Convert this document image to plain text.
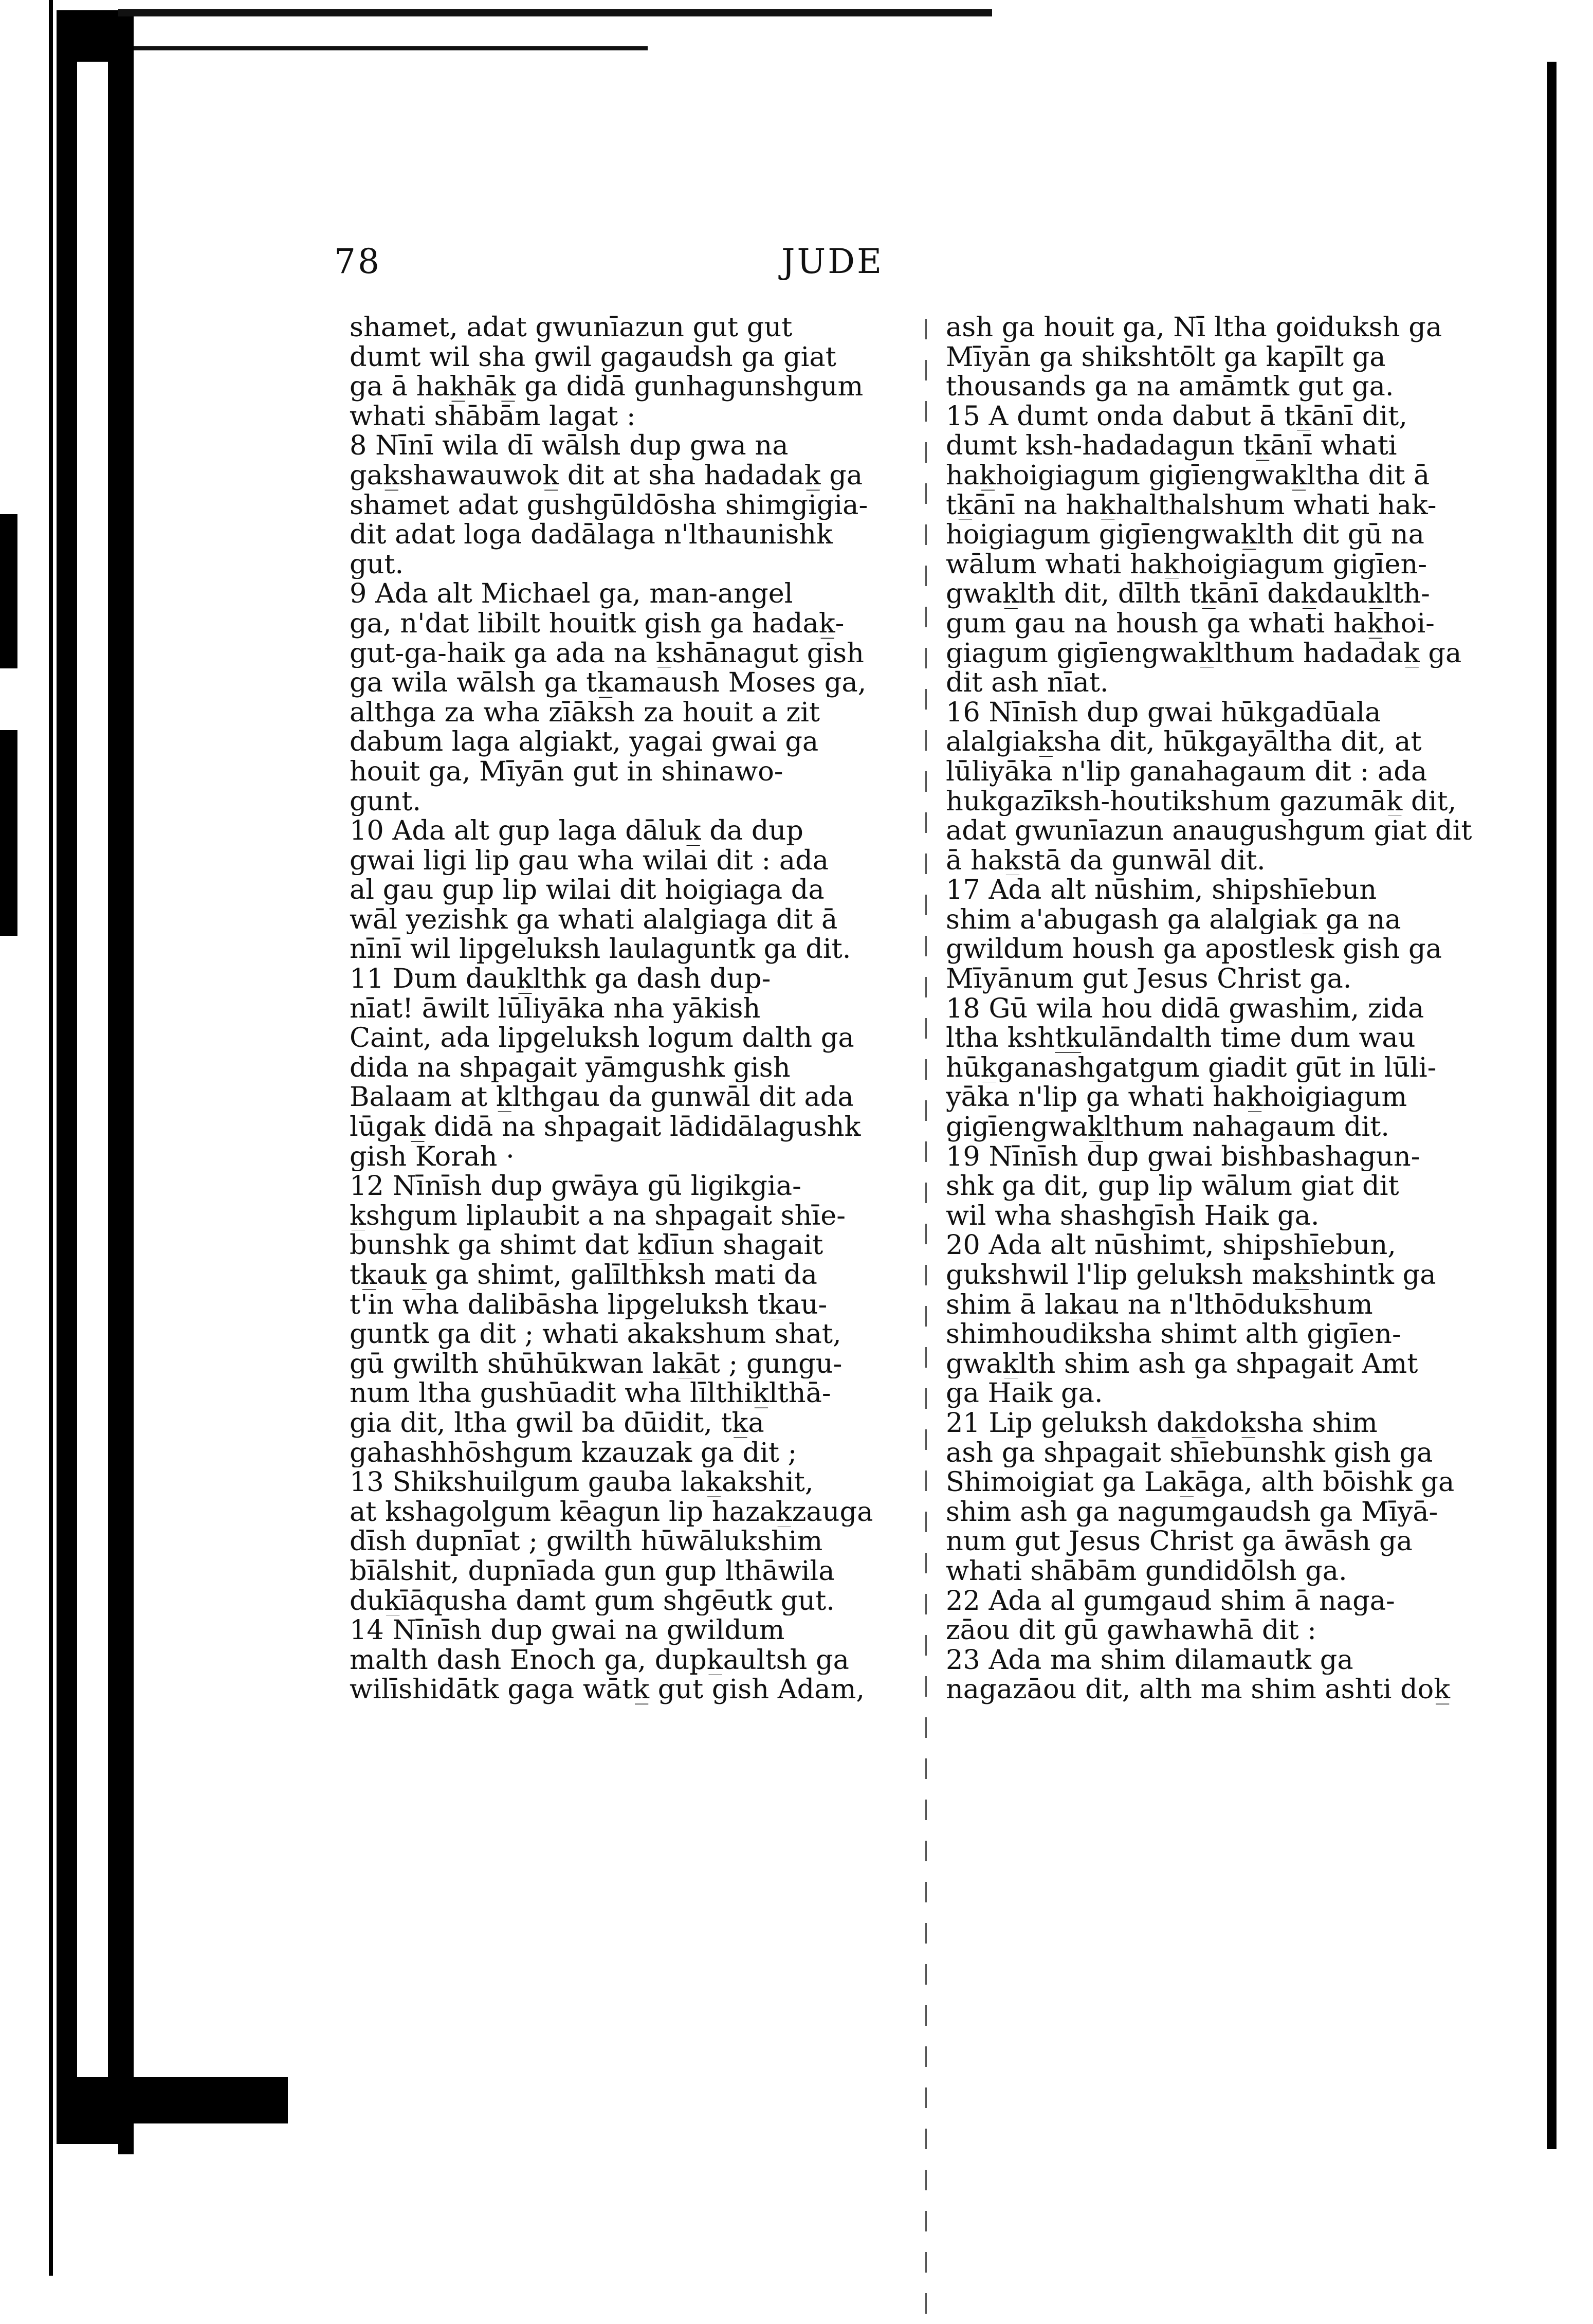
78	JUDE
shamet, adat gwunīazun gut gut
dumt wil sha gwil gagaudsh ga giat
ga ā hak̲hāk̲ ga didā gunhagunshgum
whati shābām lagat :
8 Nīnī wila dī wālsh dup gwa na
gak̲shawauwok̲ dit at sha hadadak̲ ga
shamet adat gushgūldōsha shimgigia-
dit adat loga dadālaga n'lthaunishk
gut.
9 Ada alt Michael ga, man-angel
ga, n'dat libilt houitk gish ga hadak̲-
gut-ga-haik ga ada na k̲shānagut gish
ga wila wālsh ga tk̲amaush Moses ga,
althga za wha zīāksh za houit a zit
dabum laga algiakt, yagai gwai ga
houit ga, Mīyān gut in shinawo-
gunt.
10 Ada alt gup laga dāluk̲ da dup
gwai ligi lip gau wha wilai dit : ada
al gau gup lip wilai dit hoigiaga da
wāl yezishk ga whati alalgiaga dit ā
nīnī wil lipgeluksh laulaguntk ga dit.
11 Dum dauk̲lthk ga dash dup-
nīat! āwilt lūliyāka nha yākish
Caint, ada lipgeluksh logum dalth ga
dida na shpagait yāmgushk gish
Balaam at k̲lthgau da gunwāl dit ada
lūgak̲ didā na shpagait lādidālagushk
gish Korah ·
12 Nīnīsh dup gwāya gū ligikgia-
k̲shgum liplaubit a na shpagait shīe-
bunshk ga shimt dat k̲dīun shagait
tk̲auk̲ ga shimt, galīlthksh mati da
t'in wha dalibāsha lipgeluksh tk̲au-
guntk ga dit ; whati akakshum shat,
gū gwilth shūhūkwan lak̲āt ; gungu-
num ltha gushūadit wha līlthik̲lthā-
gia dit, ltha gwil ba dūidit, tk̲a
gahashhōshgum kzauzak ga dit ;
13 Shikshuilgum gauba lak̲akshit,
at kshagolgum kēagun lip hazak̲zauga
dīsh dupnīat ; gwilth hūwālukshim
bīālshit, dupnīada gun gup lthāwila
duk̲īāqusha damt gum shgēutk gut.
14 Nīnīsh dup gwai na gwildum
malth dash Enoch ga, dupk̲aultsh ga
wilīshidātk gaga wātk̲ gut gish Adam,
ash ga houit ga, Nī ltha goiduksh ga
Mīyān ga shikshtōlt ga kapīlt ga
thousands ga na amāmtk gut ga.
15 A dumt onda dabut ā tk̲ānī dit,
dumt ksh-hadadagun tk̲ānī whati
hak̲hoigiagum gigīengwak̲ltha dit ā
tk̲ānī na hak̲halthalshum whati hak-
hoigiagum gigīengwak̲lth dit gū na
wālum whati hak̲hoigiagum gigīen-
gwak̲lth dit, dīlth tk̲ānī dak̲dauk̲lth-
gum gau na housh ga whati hak̲hoi-
giagum gigīengwak̲lthum hadadak̲ ga
dit ash nīat.
16 Nīnīsh dup gwai hūkgadūala
alalgiak̲sha dit, hūkgayāltha dit, at
lūliyāka n'lip ganahagaum dit : ada
hukgazīksh-houtikshum gazumāk̲ dit,
adat gwunīazun anaugushgum giat dit
ā hak̲stā da gunwāl dit.
17 Ada alt nūshim, shipshīebun
shim a'abugash ga alalgiak̲ ga na
gwildum housh ga apostlesk gish ga
Mīyānum gut Jesus Christ ga.
18 Gū wila hou didā gwashim, zida
ltha ksht̲k̲ulāndalth time dum wau
hūk̲ganashgatgum giadit gūt in lūli-
yāka n'lip ga whati hak̲hoigiagum
gigīengwak̲lthum nahagaum dit.
19 Nīnīsh dup gwai bishbashagun-
shk ga dit, gup lip wālum giat dit
wil wha shashgīsh Haik ga.
20 Ada alt nūshimt, shipshīebun,
gukshwil l'lip geluksh mak̲shintk ga
shim ā lak̲au na n'lthōdukshum
shimhoudiksha shimt alth gigīen-
gwak̲lth shim ash ga shpagait Amt
ga Haik ga.
21 Lip geluksh dak̲dok̲sha shim
ash ga shpagait shīebunshk gish ga
Shimoigiat ga Lak̲āga, alth bōishk ga
shim ash ga nagumgaudsh ga Mīyā-
num gut Jesus Christ ga āwāsh ga
whati shābām gundidōlsh ga.
22 Ada al gumgaud shim ā naga-
zāou dit gū gawhawhā dit :
23 Ada ma shim dilamautk ga
nagazāou dit, alth ma shim ashti dok̲
